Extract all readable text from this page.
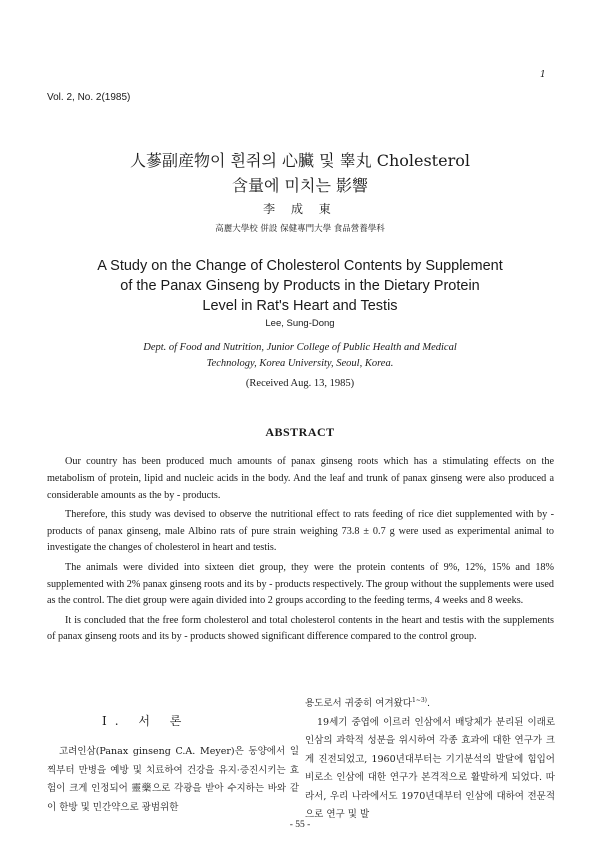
Vol. 2, No. 2(1985)
1
人蔘副産物이 흰쥐의 心臟 및 睾丸 Cholesterol
含量에 미치는 影響
李 成 東
高麗大學校 併設 保健專門大學 食品營養學科
A Study on the Change of Cholesterol Contents by Supplement
of the Panax Ginseng by Products in the Dietary Protein
Level in Rat's Heart and Testis
Lee, Sung-Dong
Dept. of Food and Nutrition, Junior College of Public Health and Medical
Technology, Korea University, Seoul, Korea.
(Received Aug. 13, 1985)
ABSTRACT

Our country has been produced much amounts of panax ginseng roots which has a stimulating effects on the metabolism of protein, lipid and nucleic acids in the body. And the leaf and trunk of panax ginseng were also produced a considerable amounts as the by - products.

Therefore, this study was devised to observe the nutritional effect to rats feeding of rice diet supplemented with by - products of panax ginseng, male Albino rats of pure strain weighing 73.8 ± 0.7 g were used as experimental animal to investigate the changes of cholesterol in heart and testis.

The animals were divided into sixteen diet group, they were the protein contents of 9%, 12%, 15% and 18% supplemented with 2% panax ginseng roots and its by - products respectively. The group without the supplements were used as the control. The diet group were again divided into 2 groups according to the feeding terms, 4 weeks and 8 weeks.

It is concluded that the free form cholesterol and total cholesterol contents in the heart and testis with the supplements of panax ginseng roots and its by - products showed significant difference compared to the control group.

I. 서 론

고려인삼(Panax ginseng C.A. Meyer)은 동양에서 일찍부터 만병을 예방 및 치료하여 건강을 유지·증진시키는 효험이 크게 인정되어 靈藥으로 각광을 받아 수지하는 바와 같이 한방 및 민간약으로 광범위한

용도로서 귀중히 여겨왔다$^{1\sim 3)}$.

19세기 중엽에 이르러 인삼에서 배당체가 분리된 이래로 인삼의 과학적 성분을 위시하여 각종 효과에 대한 연구가 크게 진전되었고, 1960년대부터는 기기분석의 발달에 힘입어 비로소 인삼에 대한 연구가 본격적으로 활발하게 되었다. 따라서, 우리 나라에서도 1970년대부터 인삼에 대하여 전문적으로 연구 및 발

- 55 -
